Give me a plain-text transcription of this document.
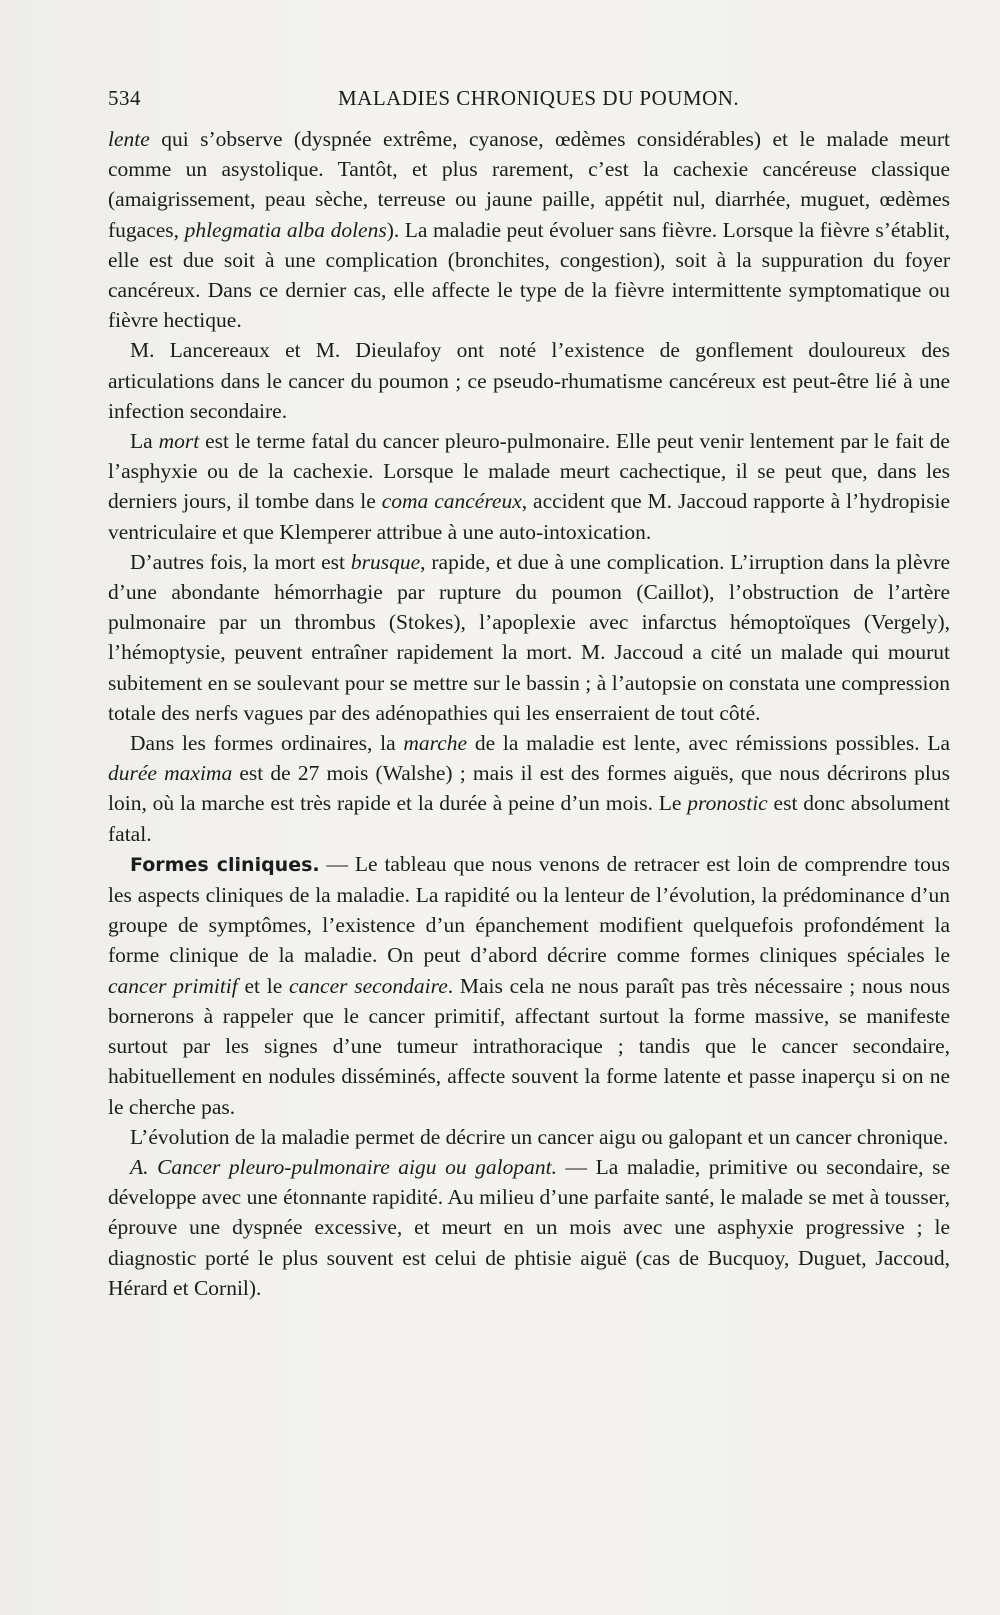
534	MALADIES CHRONIQUES DU POUMON.

lente qui s’observe (dyspnée extrême, cyanose, œdèmes considérables) et le malade meurt comme un asystolique. Tantôt, et plus rarement, c’est la cachexie cancéreuse classique (amaigrissement, peau sèche, terreuse ou jaune paille, appétit nul, diarrhée, muguet, œdèmes fugaces, phlegmatia alba dolens). La maladie peut évoluer sans fièvre. Lorsque la fièvre s’établit, elle est due soit à une complication (bronchites, congestion), soit à la suppuration du foyer cancéreux. Dans ce dernier cas, elle affecte le type de la fièvre intermittente symptomatique ou fièvre hectique.

M. Lancereaux et M. Dieulafoy ont noté l’existence de gonflement douloureux des articulations dans le cancer du poumon ; ce pseudo-rhumatisme cancéreux est peut-être lié à une infection secondaire.

La mort est le terme fatal du cancer pleuro-pulmonaire. Elle peut venir lentement par le fait de l’asphyxie ou de la cachexie. Lorsque le malade meurt cachectique, il se peut que, dans les derniers jours, il tombe dans le coma cancéreux, accident que M. Jaccoud rapporte à l’hydropisie ventriculaire et que Klemperer attribue à une auto-intoxication.

D’autres fois, la mort est brusque, rapide, et due à une complication. L’irruption dans la plèvre d’une abondante hémorrhagie par rupture du poumon (Caillot), l’obstruction de l’artère pulmonaire par un thrombus (Stokes), l’apoplexie avec infarctus hémoptoïques (Vergely), l’hémoptysie, peuvent entraîner rapidement la mort. M. Jaccoud a cité un malade qui mourut subitement en se soulevant pour se mettre sur le bassin ; à l’autopsie on constata une compression totale des nerfs vagues par des adénopathies qui les enserraient de tout côté.

Dans les formes ordinaires, la marche de la maladie est lente, avec rémissions possibles. La durée maxima est de 27 mois (Walshe) ; mais il est des formes aiguës, que nous décrirons plus loin, où la marche est très rapide et la durée à peine d’un mois. Le pronostic est donc absolument fatal.

Formes cliniques. — Le tableau que nous venons de retracer est loin de comprendre tous les aspects cliniques de la maladie. La rapidité ou la lenteur de l’évolution, la prédominance d’un groupe de symptômes, l’existence d’un épanchement modifient quelquefois profondément la forme clinique de la maladie. On peut d’abord décrire comme formes cliniques spéciales le cancer primitif et le cancer secondaire. Mais cela ne nous paraît pas très nécessaire ; nous nous bornerons à rappeler que le cancer primitif, affectant surtout la forme massive, se manifeste surtout par les signes d’une tumeur intrathoracique ; tandis que le cancer secondaire, habituellement en nodules disséminés, affecte souvent la forme latente et passe inaperçu si on ne le cherche pas.

L’évolution de la maladie permet de décrire un cancer aigu ou galopant et un cancer chronique.

A. Cancer pleuro-pulmonaire aigu ou galopant. — La maladie, primitive ou secondaire, se développe avec une étonnante rapidité. Au milieu d’une parfaite santé, le malade se met à tousser, éprouve une dyspnée excessive, et meurt en un mois avec une asphyxie progressive ; le diagnostic porté le plus souvent est celui de phtisie aiguë (cas de Bucquoy, Duguet, Jaccoud, Hérard et Cornil).
